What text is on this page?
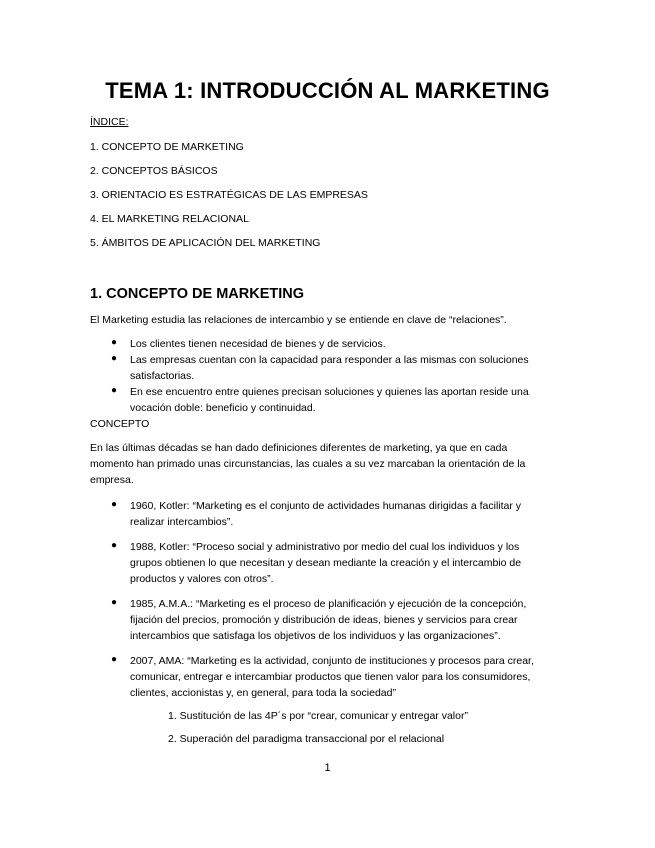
TEMA 1: INTRODUCCIÓN AL MARKETING
ÍNDICE:
1. CONCEPTO DE MARKETING
2. CONCEPTOS BÁSICOS
3. ORIENTACIO ES ESTRATÉGICAS DE LAS EMPRESAS
4. EL MARKETING RELACIONAL
5. ÁMBITOS DE APLICACIÓN DEL MARKETING
1. CONCEPTO DE MARKETING
El Marketing estudia las relaciones de intercambio y se entiende en clave de “relaciones”.
● Los clientes tienen necesidad de bienes y de servicios.
● Las empresas cuentan con la capacidad para responder a las mismas con soluciones satisfactorias.
● En ese encuentro entre quienes precisan soluciones y quienes las aportan reside una vocación doble: beneficio y continuidad.
CONCEPTO
En las últimas décadas se han dado definiciones diferentes de marketing, ya que en cada momento han primado unas circunstancias, las cuales a su vez marcaban la orientación de la empresa.
● 1960, Kotler: “Marketing es el conjunto de actividades humanas dirigidas a facilitar y realizar intercambios”.
● 1988, Kotler: “Proceso social y administrativo por medio del cual los individuos y los grupos obtienen lo que necesitan y desean mediante la creación y el intercambio de productos y valores con otros”.
● 1985, A.M.A.: “Marketing es el proceso de planificación y ejecución de la concepción, fijación del precios, promoción y distribución de ideas, bienes y servicios para crear intercambios que satisfaga los objetivos de los individuos y las organizaciones”.
● 2007, AMA: “Marketing es la actividad, conjunto de instituciones y procesos para crear, comunicar, entregar e intercambiar productos que tienen valor para los consumidores, clientes, accionistas y, en general, para toda la sociedad”
1. Sustitución de las 4P´s por “crear, comunicar y entregar valor”
2. Superación del paradigma transaccional por el relacional
1
